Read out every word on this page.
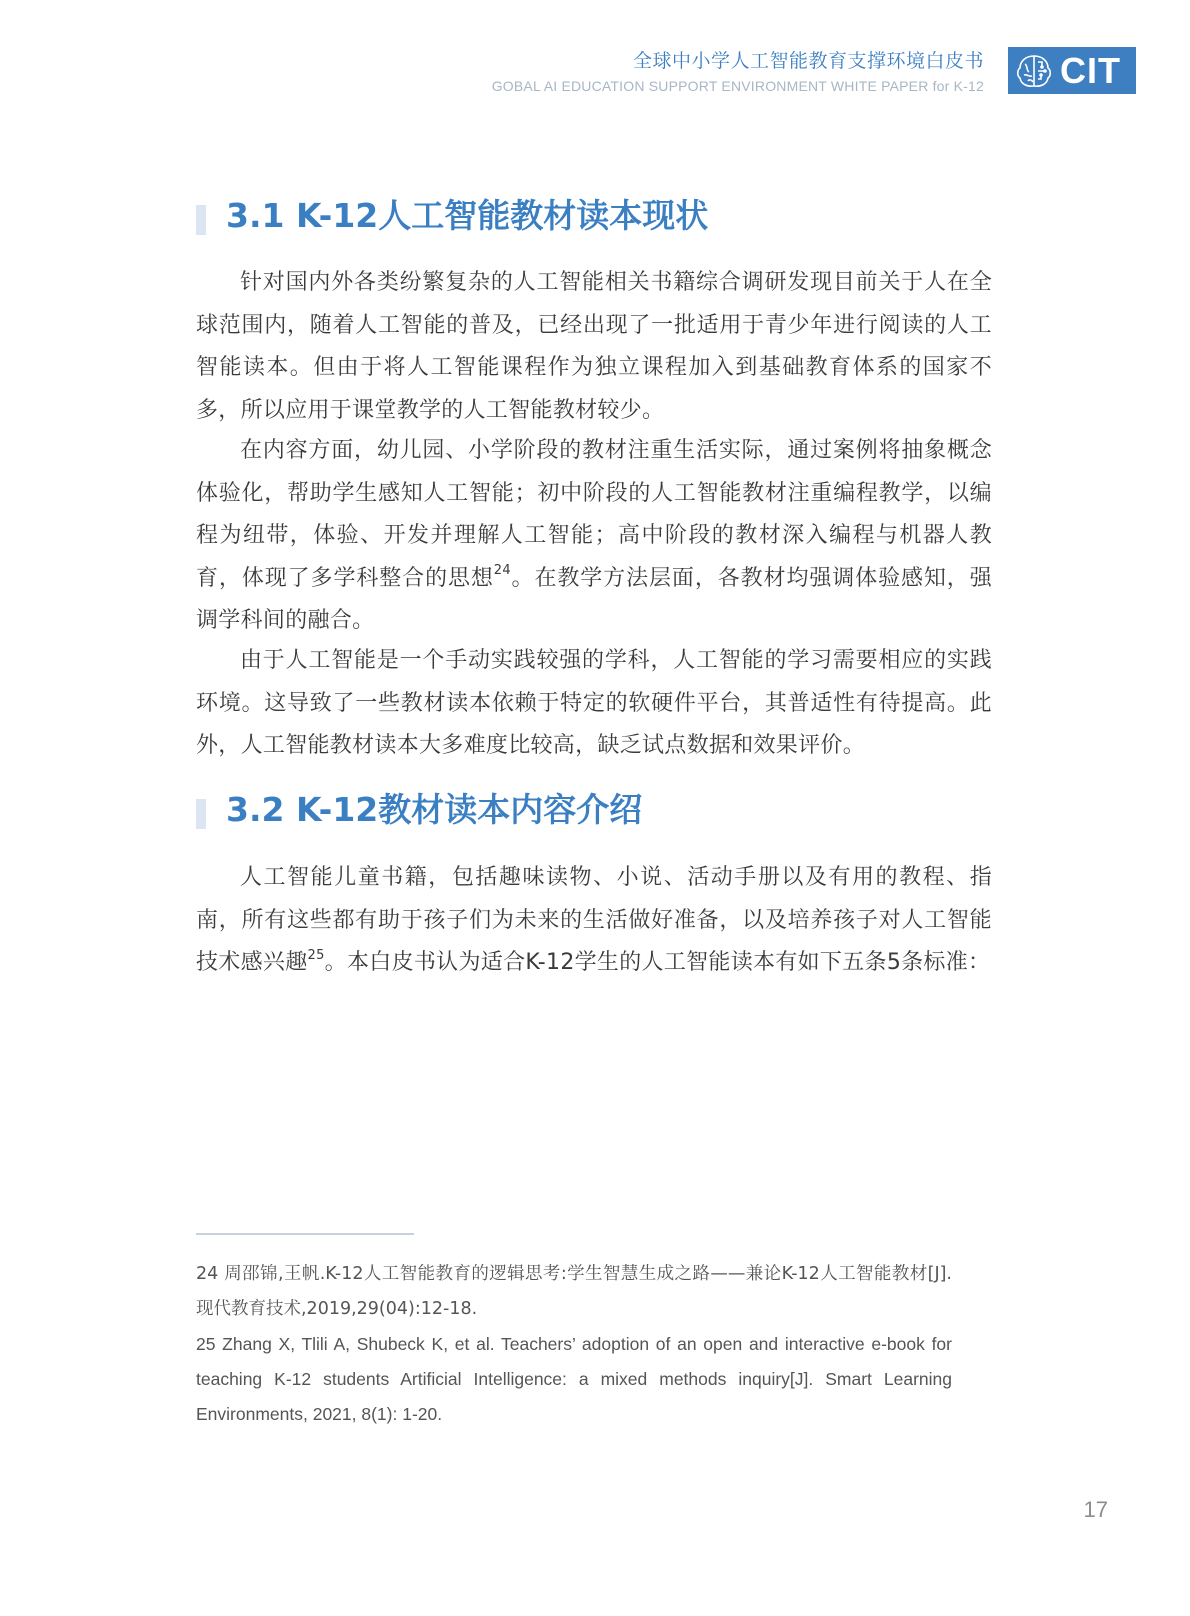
全球中小学人工智能教育支撑环境白皮书
GOBAL AI EDUCATION SUPPORT ENVIRONMENT WHITE PAPER for K-12 CIT
3.1 K-12人工智能教材读本现状

针对国内外各类纷繁复杂的人工智能相关书籍综合调研发现目前关于人在全球范围内，随着人工智能的普及，已经出现了一批适用于青少年进行阅读的人工智能读本。但由于将人工智能课程作为独立课程加入到基础教育体系的国家不多，所以应用于课堂教学的人工智能教材较少。

在内容方面，幼儿园、小学阶段的教材注重生活实际，通过案例将抽象概念体验化，帮助学生感知人工智能；初中阶段的人工智能教材注重编程教学，以编程为纽带，体验、开发并理解人工智能；高中阶段的教材深入编程与机器人教育，体现了多学科整合的思想$^{24}$。在教学方法层面，各教材均强调体验感知，强调学科间的融合。

由于人工智能是一个手动实践较强的学科，人工智能的学习需要相应的实践环境。这导致了一些教材读本依赖于特定的软硬件平台，其普适性有待提高。此外，人工智能教材读本大多难度比较高，缺乏试点数据和效果评价。

3.2 K-12教材读本内容介绍

人工智能儿童书籍，包括趣味读物、小说、活动手册以及有用的教程、指南，所有这些都有助于孩子们为未来的生活做好准备，以及培养孩子对人工智能技术感兴趣$^{25}$。本白皮书认为适合K-12学生的人工智能读本有如下五条5条标准：

24 周邵锦,王帆.K-12人工智能教育的逻辑思考:学生智慧生成之路——兼论K-12人工智能教材[J].现代教育技术,2019,29(04):12-18.

25 Zhang X, Tlili A, Shubeck K, et al. Teachers’ adoption of an open and interactive e-book for teaching K-12 students Artificial Intelligence: a mixed methods inquiry[J]. Smart Learning Environments, 2021, 8(1): 1-20.

17
